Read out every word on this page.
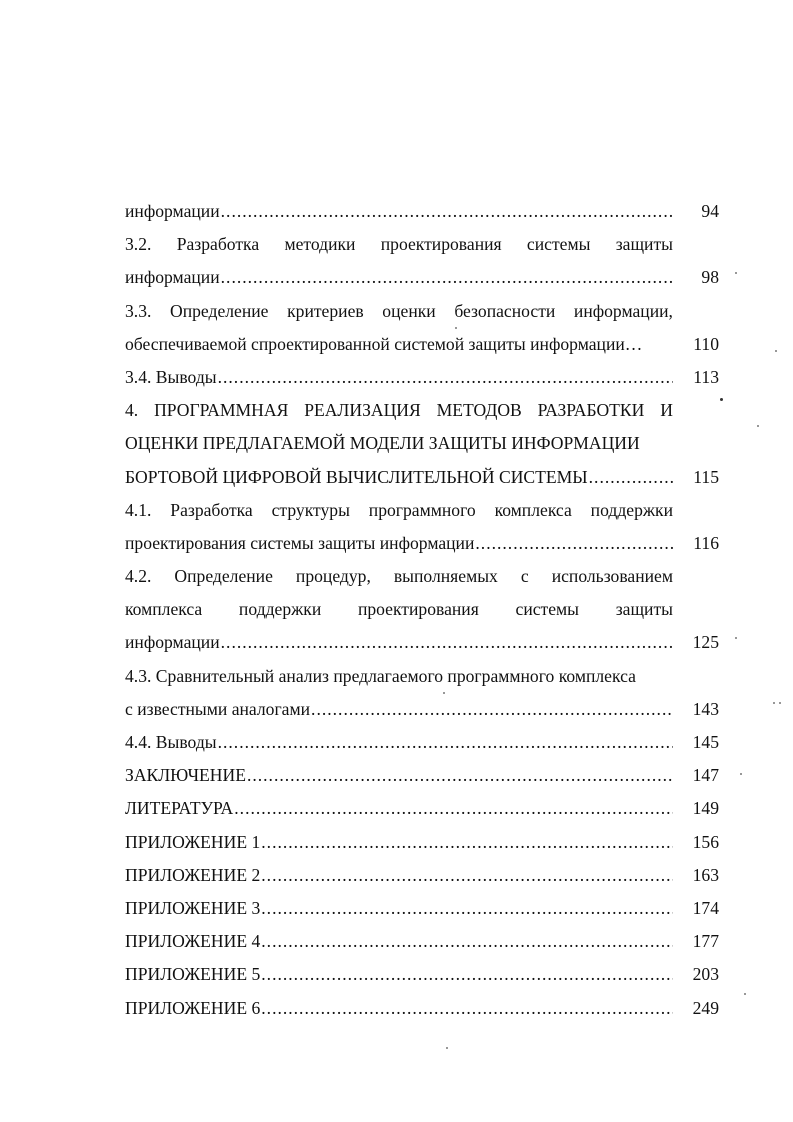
информации .....	94
3.2. Разработка методики проектирования системы защиты
информации .....	98
3.3. Определение критериев оценки безопасности информации,
обеспечиваемой спроектированной системой защиты информации…	110
3.4. Выводы .....	113
4. ПРОГРАММНАЯ РЕАЛИЗАЦИЯ МЕТОДОВ РАЗРАБОТКИ И
ОЦЕНКИ ПРЕДЛАГАЕМОЙ МОДЕЛИ ЗАЩИТЫ ИНФОРМАЦИИ
БОРТОВОЙ ЦИФРОВОЙ ВЫЧИСЛИТЕЛЬНОЙ СИСТЕМЫ .....	115
4.1. Разработка структуры программного комплекса поддержки
проектирования системы защиты информации .....	116
4.2. Определение процедур, выполняемых с использованием
комплекса поддержки проектирования системы защиты
информации .....	125
4.3. Сравнительный анализ предлагаемого программного комплекса
с известными аналогами .....	143
4.4. Выводы .....	145
ЗАКЛЮЧЕНИЕ .....	147
ЛИТЕРАТУРА .....	149
ПРИЛОЖЕНИЕ 1 .....	156
ПРИЛОЖЕНИЕ 2 .....	163
ПРИЛОЖЕНИЕ 3 .....	174
ПРИЛОЖЕНИЕ 4 .....	177
ПРИЛОЖЕНИЕ 5 .....	203
ПРИЛОЖЕНИЕ 6 .....	249
